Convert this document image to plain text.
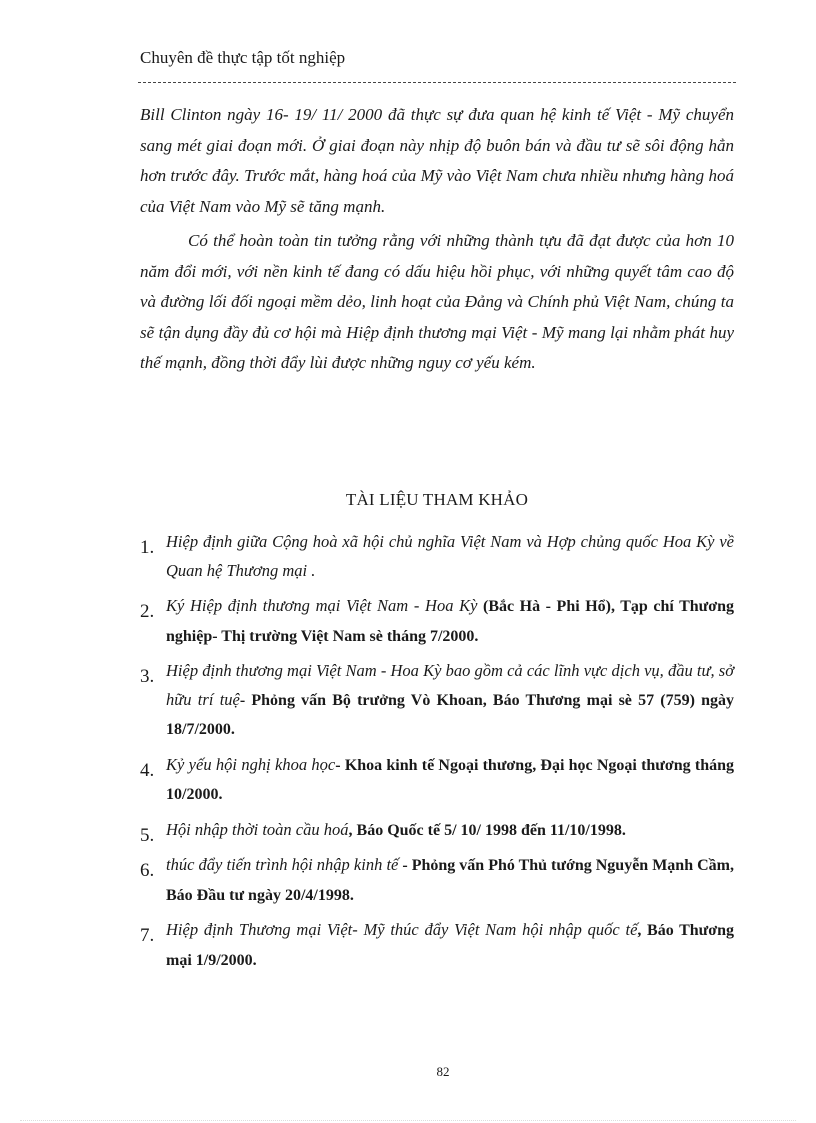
Chuyên đề thực tập tốt nghiệp

Bill Clinton ngày 16- 19/ 11/ 2000 đã thực sự đưa quan hệ kinh tế Việt - Mỹ chuyển sang mét giai đoạn mới. Ở giai đoạn này nhịp độ buôn bán và đầu tư sẽ sôi động hẳn hơn trước đây. Trước mắt, hàng hoá của Mỹ vào Việt Nam chưa nhiều nhưng hàng hoá của Việt Nam vào Mỹ sẽ tăng mạnh.

Có thể hoàn toàn tin tưởng rằng với những thành tựu đã đạt được của hơn 10 năm đổi mới, với nền kinh tế đang có dấu hiệu hồi phục, với những quyết tâm cao độ và đường lối đối ngoại mềm dẻo, linh hoạt của Đảng và Chính phủ Việt Nam, chúng ta sẽ tận dụng đầy đủ cơ hội mà Hiệp định thương mại Việt - Mỹ mang lại nhằm phát huy thế mạnh, đồng thời đẩy lùi được những nguy cơ yếu kém.

TÀI LIỆU THAM KHẢO
1. Hiệp định giữa Cộng hoà xã hội chủ nghĩa Việt Nam và Hợp chủng quốc Hoa Kỳ về Quan hệ Thương mại .
2. Ký Hiệp định thương mại Việt Nam - Hoa Kỳ (Bắc Hà - Phi Hổ), Tạp chí Thương nghiệp- Thị trường Việt Nam sè tháng 7/2000.
3. Hiệp định thương mại Việt Nam - Hoa Kỳ bao gồm cả các lĩnh vực dịch vụ, đầu tư, sở hữu trí tuệ- Phỏng vấn Bộ trưởng Vò Khoan, Báo Thương mại sè 57 (759) ngày 18/7/2000.
4. Kỷ yếu hội nghị khoa học- Khoa kinh tế Ngoại thương, Đại học Ngoại thương tháng 10/2000.
5. Hội nhập thời toàn cầu hoá, Báo Quốc tế 5/ 10/ 1998 đến 11/10/1998.
6. thúc đẩy tiến trình hội nhập kinh tế - Phỏng vấn Phó Thủ tướng Nguyễn Mạnh Cầm, Báo Đầu tư ngày 20/4/1998.
7. Hiệp định Thương mại Việt- Mỹ thúc đẩy Việt Nam hội nhập quốc tế, Báo Thương mại 1/9/2000.
82
